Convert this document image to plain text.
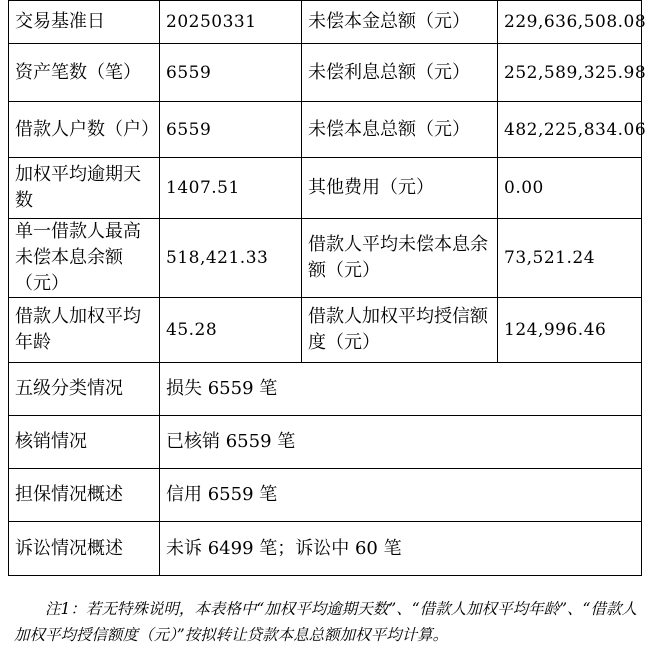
交易基准日	20250331	未偿本金总额（元）	229,636,508.08
资产笔数（笔）	6559	未偿利息总额（元）	252,589,325.98
借款人户数（户）	6559	未偿本息总额（元）	482,225,834.06
加权平均逾期天数	1407.51	其他费用（元）	0.00
单一借款人最高未偿本息余额（元）	518,421.33	借款人平均未偿本息余额（元）	73,521.24
借款人加权平均年龄	45.28	借款人加权平均授信额度（元）	124,996.46
五级分类情况	损失 6559 笔		
核销情况	已核销 6559 笔		
担保情况概述	信用 6559 笔		
诉讼情况概述	未诉 6499 笔；诉讼中 60 笔		

注1：若无特殊说明，本表格中“加权平均逾期天数”、“借款人加权平均年龄”、“借款人加权平均授信额度（元）”按拟转让贷款本息总额加权平均计算。
